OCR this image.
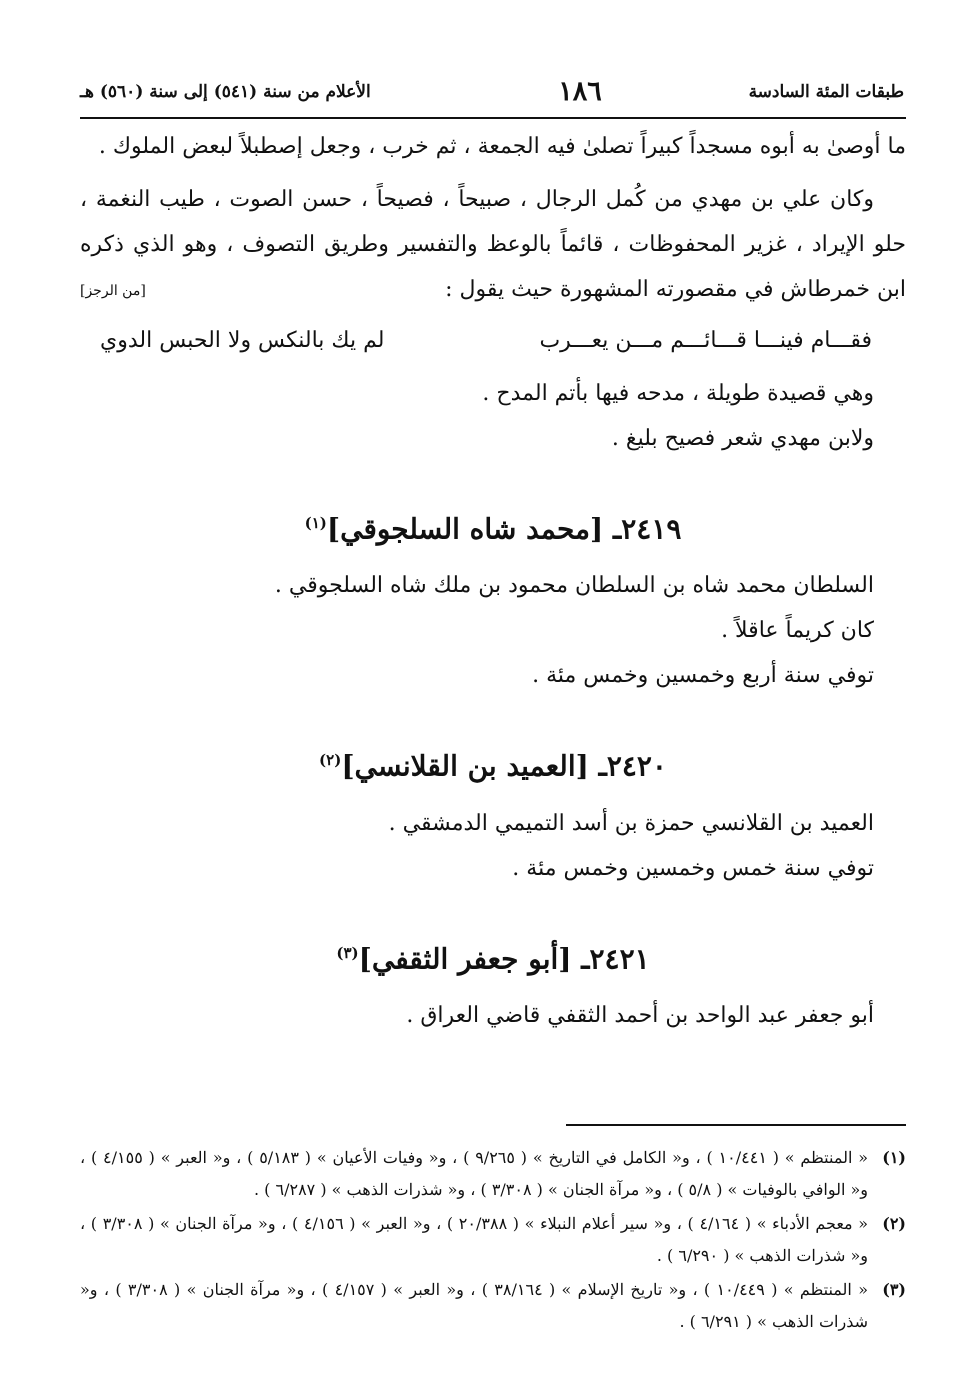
طبقات المئة السادسة
١٨٦
الأعلام من سنة (٥٤١) إلى سنة (٥٦٠) هـ

ما أوصىٰ به أبوه مسجداً كبيراً تصلىٰ فيه الجمعة ، ثم خرب ، وجعل إصطبلاً لبعض الملوك .

وكان علي بن مهدي من كُمل الرجال ، صبيحاً ، فصيحاً ، حسن الصوت ، طيب النغمة ، حلو الإيراد ، غزير المحفوظات ، قائماً بالوعظ والتفسير وطريق التصوف ، وهو الذي ذكره ابن خمرطاش في مقصورته المشهورة حيث يقول :
[من الرجز]

فقـــام فينـــا قـــائـــم مـــن يعـــرب
لم يك بالنكس ولا الحبس الدوي

وهي قصيدة طويلة ، مدحه فيها بأتم المدح .

ولابن مهدي شعر فصيح بليغ .

٢٤١٩ـ [محمد شاه السلجوقي]$^{(١)}$

السلطان محمد شاه بن السلطان محمود بن ملك شاه السلجوقي .

كان كريماً عاقلاً .

توفي سنة أربع وخمسين وخمس مئة .

٢٤٢٠ـ [العميد بن القلانسي]$^{(٢)}$

العميد بن القلانسي حمزة بن أسد التميمي الدمشقي .

توفي سنة خمس وخمسين وخمس مئة .

٢٤٢١ـ [أبو جعفر الثقفي]$^{(٣)}$

أبو جعفر عبد الواحد بن أحمد الثقفي قاضي العراق .

(١)
« المنتظم » ( ١٠/٤٤١ ) ، و« الكامل في التاريخ » ( ٩/٢٦٥ ) ، و« وفيات الأعيان » ( ٥/١٨٣ ) ، و« العبر » ( ٤/١٥٥ ) ، و« الوافي بالوفيات » ( ٥/٨ ) ، و« مرآة الجنان » ( ٣/٣٠٨ ) ، و« شذرات الذهب » ( ٦/٢٨٧ ) .
(٢)
« معجم الأدباء » ( ٤/١٦٤ ) ، و« سير أعلام النبلاء » ( ٢٠/٣٨٨ ) ، و« العبر » ( ٤/١٥٦ ) ، و« مرآة الجنان » ( ٣/٣٠٨ ) ، و« شذرات الذهب » ( ٦/٢٩٠ ) .
(٣)
« المنتظم » ( ١٠/٤٤٩ ) ، و« تاريخ الإسلام » ( ٣٨/١٦٤ ) ، و« العبر » ( ٤/١٥٧ ) ، و« مرآة الجنان » ( ٣/٣٠٨ ) ، و« شذرات الذهب » ( ٦/٢٩١ ) .
